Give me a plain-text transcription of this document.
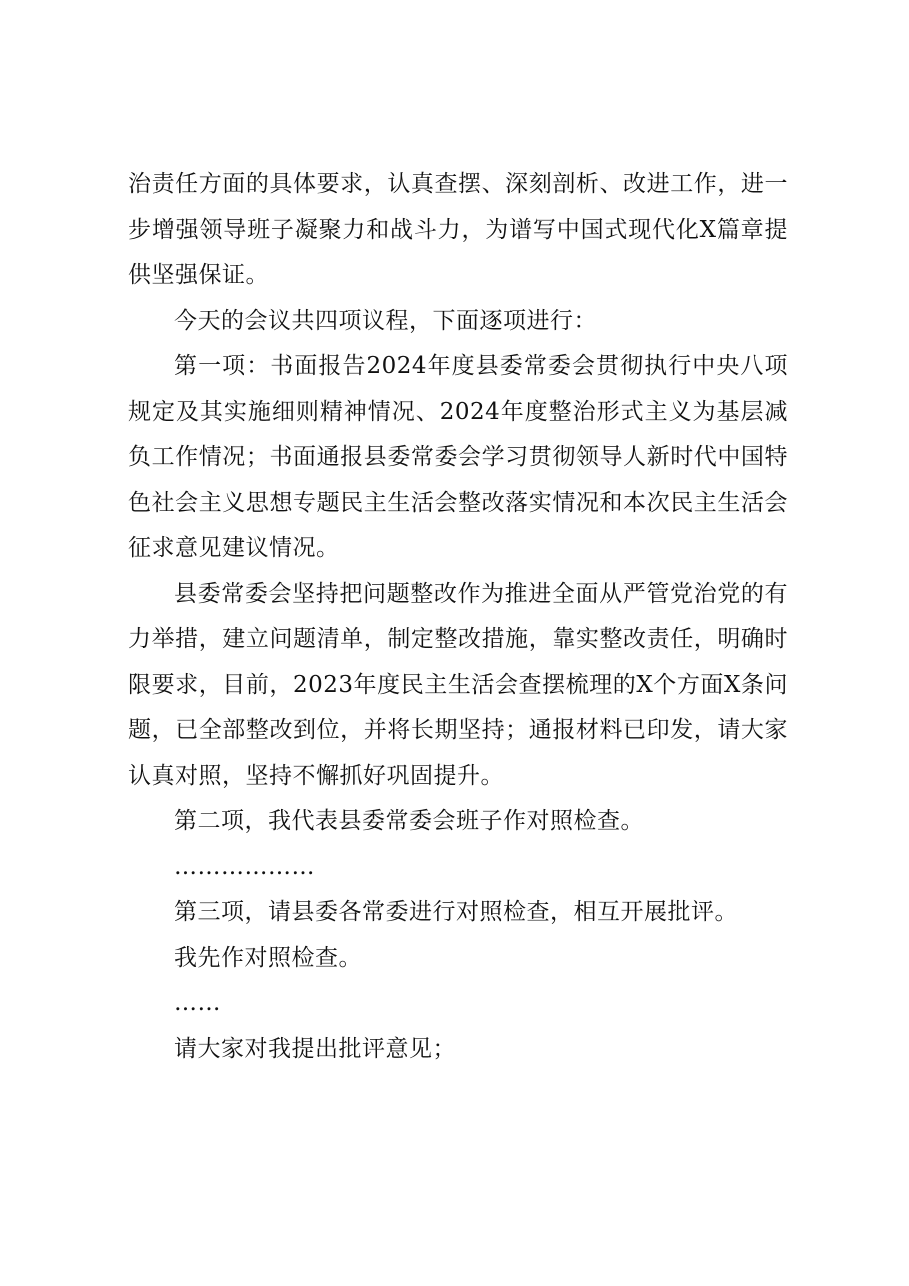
治责任方面的具体要求，认真查摆、深刻剖析、改进工作，进一步增强领导班子凝聚力和战斗力，为谱写中国式现代化X篇章提供坚强保证。

今天的会议共四项议程，下面逐项进行：

第一项：书面报告2024年度县委常委会贯彻执行中央八项规定及其实施细则精神情况、2024年度整治形式主义为基层减负工作情况；书面通报县委常委会学习贯彻领导人新时代中国特色社会主义思想专题民主生活会整改落实情况和本次民主生活会征求意见建议情况。

县委常委会坚持把问题整改作为推进全面从严管党治党的有力举措，建立问题清单，制定整改措施，靠实整改责任，明确时限要求，目前，2023年度民主生活会查摆梳理的X个方面X条问题，已全部整改到位，并将长期坚持；通报材料已印发，请大家认真对照，坚持不懈抓好巩固提升。

第二项，我代表县委常委会班子作对照检查。

………………

第三项，请县委各常委进行对照检查，相互开展批评。

我先作对照检查。

……

请大家对我提出批评意见；
